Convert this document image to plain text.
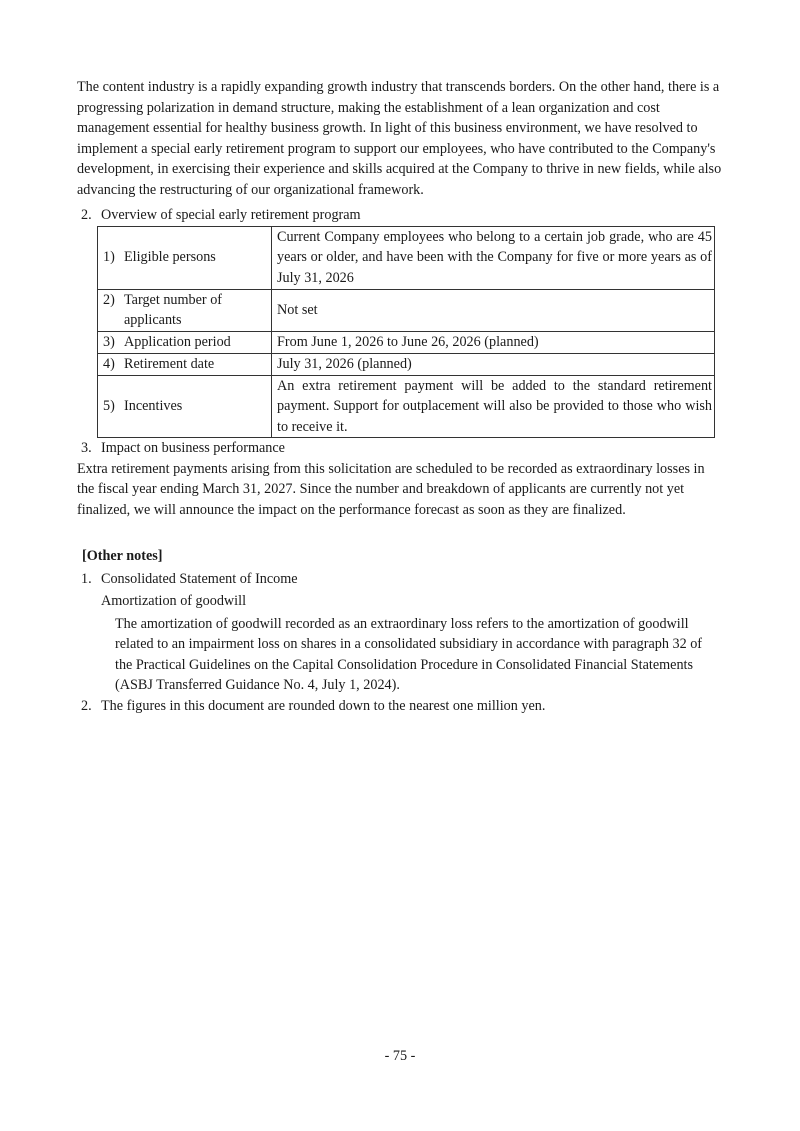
The content industry is a rapidly expanding growth industry that transcends borders. On the other hand, there is a progressing polarization in demand structure, making the establishment of a lean organization and cost management essential for healthy business growth. In light of this business environment, we have resolved to implement a special early retirement program to support our employees, who have contributed to the Company's development, in exercising their experience and skills acquired at the Company to thrive in new fields, while also advancing the restructuring of our organizational framework.

2. Overview of special early retirement program
1) Eligible persons	Current Company employees who belong to a certain job grade, who are 45 years or older, and have been with the Company for five or more years as of July 31, 2026

2) Target number of applicants	Not set

3) Application period	From June 1, 2026 to June 26, 2026 (planned)

4) Retirement date	July 31, 2026 (planned)

5) Incentives	An extra retirement payment will be added to the standard retirement payment. Support for outplacement will also be provided to those who wish to receive it.
3. Impact on business performance

Extra retirement payments arising from this solicitation are scheduled to be recorded as extraordinary losses in the fiscal year ending March 31, 2027. Since the number and breakdown of applicants are currently not yet finalized, we will announce the impact on the performance forecast as soon as they are finalized.

[Other notes]
1. Consolidated Statement of Income
Amortization of goodwill

The amortization of goodwill recorded as an extraordinary loss refers to the amortization of goodwill related to an impairment loss on shares in a consolidated subsidiary in accordance with paragraph 32 of the Practical Guidelines on the Capital Consolidation Procedure in Consolidated Financial Statements (ASBJ Transferred Guidance No. 4, July 1, 2024).

2. The figures in this document are rounded down to the nearest one million yen.
- 75 -
